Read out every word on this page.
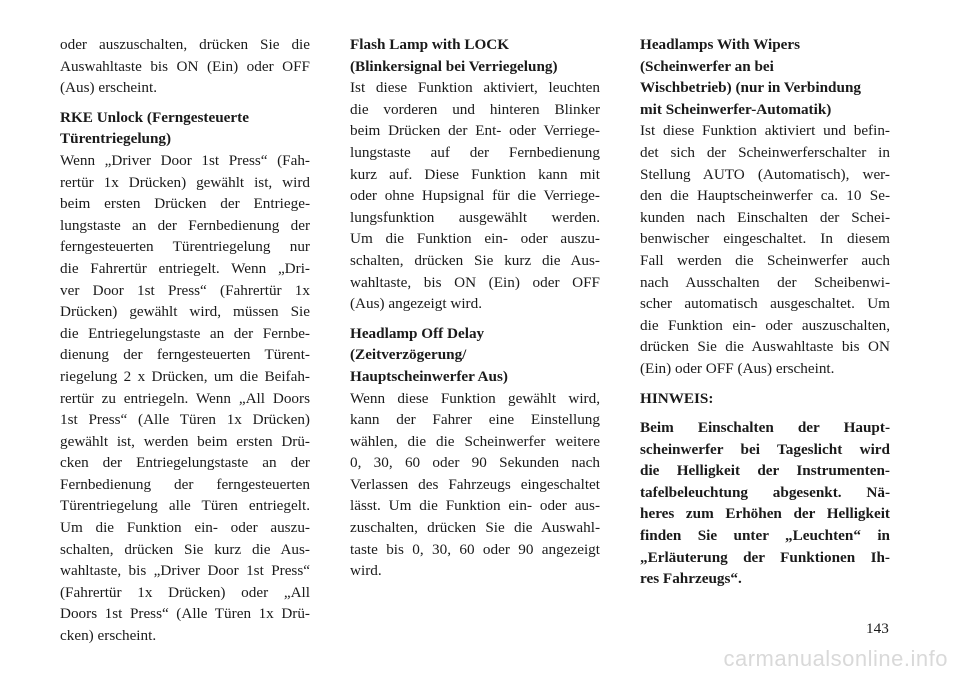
oder auszuschalten, drücken Sie die
Auswahltaste bis ON (Ein) oder OFF
(Aus) erscheint.
RKE Unlock (Ferngesteuerte
Türentriegelung)
Wenn „Driver Door 1st Press“ (Fah-
rertür 1x Drücken) gewählt ist, wird
beim ersten Drücken der Entriege-
lungstaste an der Fernbedienung der
ferngesteuerten Türentriegelung nur
die Fahrertür entriegelt. Wenn „Dri-
ver Door 1st Press“ (Fahrertür 1x
Drücken) gewählt wird, müssen Sie
die Entriegelungstaste an der Fernbe-
dienung der ferngesteuerten Türent-
riegelung 2 x Drücken, um die Beifah-
rertür zu entriegeln. Wenn „All Doors
1st Press“ (Alle Türen 1x Drücken)
gewählt ist, werden beim ersten Drü-
cken der Entriegelungstaste an der
Fernbedienung der ferngesteuerten
Türentriegelung alle Türen entriegelt.
Um die Funktion ein- oder auszu-
schalten, drücken Sie kurz die Aus-
wahltaste, bis „Driver Door 1st Press“
(Fahrertür 1x Drücken) oder „All
Doors 1st Press“ (Alle Türen 1x Drü-
cken) erscheint.
Flash Lamp with LOCK
(Blinkersignal bei Verriegelung)
Ist diese Funktion aktiviert, leuchten
die vorderen und hinteren Blinker
beim Drücken der Ent- oder Verriege-
lungstaste auf der Fernbedienung
kurz auf. Diese Funktion kann mit
oder ohne Hupsignal für die Verriege-
lungsfunktion ausgewählt werden.
Um die Funktion ein- oder auszu-
schalten, drücken Sie kurz die Aus-
wahltaste, bis ON (Ein) oder OFF
(Aus) angezeigt wird.
Headlamp Off Delay
(Zeitverzögerung/
Hauptscheinwerfer Aus)
Wenn diese Funktion gewählt wird,
kann der Fahrer eine Einstellung
wählen, die die Scheinwerfer weitere
0, 30, 60 oder 90 Sekunden nach
Verlassen des Fahrzeugs eingeschaltet
lässt. Um die Funktion ein- oder aus-
zuschalten, drücken Sie die Auswahl-
taste bis 0, 30, 60 oder 90 angezeigt
wird.
Headlamps With Wipers
(Scheinwerfer an bei
Wischbetrieb) (nur in Verbindung
mit Scheinwerfer-Automatik)
Ist diese Funktion aktiviert und befin-
det sich der Scheinwerferschalter in
Stellung AUTO (Automatisch), wer-
den die Hauptscheinwerfer ca. 10 Se-
kunden nach Einschalten der Schei-
benwischer eingeschaltet. In diesem
Fall werden die Scheinwerfer auch
nach Ausschalten der Scheibenwi-
scher automatisch ausgeschaltet. Um
die Funktion ein- oder auszuschalten,
drücken Sie die Auswahltaste bis ON
(Ein) oder OFF (Aus) erscheint.
HINWEIS:
Beim Einschalten der Haupt-
scheinwerfer bei Tageslicht wird
die Helligkeit der Instrumenten-
tafelbeleuchtung abgesenkt. Nä-
heres zum Erhöhen der Helligkeit
finden Sie unter „Leuchten“ in
„Erläuterung der Funktionen Ih-
res Fahrzeugs“.
143
carmanualsonline.info
